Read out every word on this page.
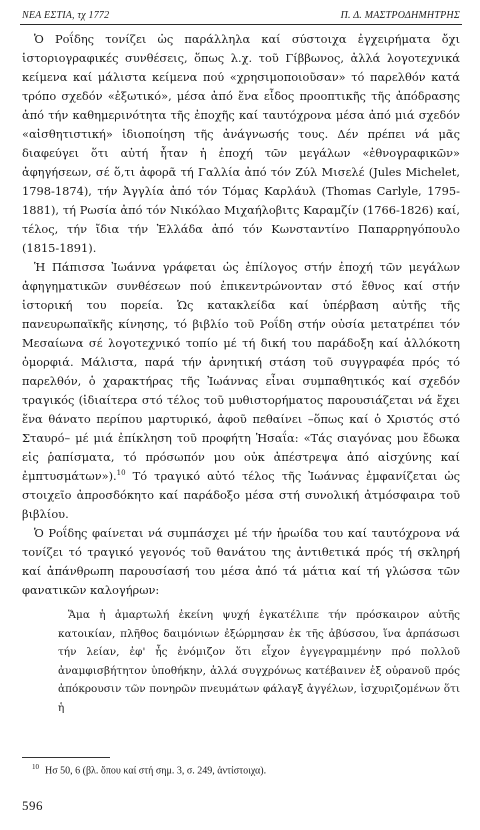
ΝΕΑ ΕΣΤΙΑ, τχ 1772	Π. Δ. ΜΑΣΤΡΟΔΗΜΗΤΡΗΣ

Ὁ Ροΐδης τονίζει ὡς παράλληλα καί σύστοιχα ἐγχειρήματα ὄχι ἱστοριογραφικές συνθέσεις, ὅπως λ.χ. τοῦ Γίββωνος, ἀλλά λογοτεχνικά κείμενα καί μάλιστα κείμενα πού «χρησιμοποιοῦσαν» τό παρελθόν κατά τρόπο σχεδόν «ἐξωτικό», μέσα ἀπό ἕνα εἶδος προοπτικῆς τῆς ἀπόδρασης ἀπό τήν καθημερινότητα τῆς ἐποχῆς καί ταυτόχρονα μέσα ἀπό μιά σχεδόν «αἰσθητιστική» ἰδιοποίηση τῆς ἀνάγνωσής τους. Δέν πρέπει νά μᾶς διαφεύγει ὅτι αὐτή ἦταν ἡ ἐποχή τῶν μεγάλων «ἐθνογραφικῶν» ἀφηγήσεων, σέ ὅ,τι ἀφορᾶ τή Γαλλία ἀπό τόν Ζύλ Μισελέ (Jules Michelet, 1798-1874), τήν Ἀγγλία ἀπό τόν Τόμας Καρλάυλ (Thomas Carlyle, 1795-1881), τή Ρωσία ἀπό τόν Νικόλαο Μιχαήλοβιτς Καραμζίν (1766-1826) καί, τέλος, τήν ἴδια τήν Ἑλλάδα ἀπό τόν Κωνσταντίνο Παπαρρηγόπουλο (1815-1891).

Ἡ Πάπισσα Ἰωάννα γράφεται ὡς ἐπίλογος στήν ἐποχή τῶν μεγάλων ἀφηγηματικῶν συνθέσεων πού ἐπικεντρώνονταν στό ἔθνος καί στήν ἱστορική του πορεία. Ὡς κατακλείδα καί ὑπέρβαση αὐτῆς τῆς πανευρωπαϊκῆς κίνησης, τό βιβλίο τοῦ Ροΐδη στήν οὐσία μετατρέπει τόν Μεσαίωνα σέ λογοτεχνικό τοπίο μέ τή δική του παράδοξη καί ἀλλόκοτη ὀμορφιά. Μάλιστα, παρά τήν ἀρνητική στάση τοῦ συγγραφέα πρός τό παρελθόν, ὁ χαρακτήρας τῆς Ἰωάννας εἶναι συμπαθητικός καί σχεδόν τραγικός (ἰδιαίτερα στό τέλος τοῦ μυθιστορήματος παρουσιάζεται νά ἔχει ἕνα θάνατο περίπου μαρτυρικό, ἀφοῦ πεθαίνει –ὅπως καί ὁ Χριστός στό Σταυρό– μέ μιά ἐπίκληση τοῦ προφήτη Ἡσαΐα: «Τάς σιαγόνας μου ἔδωκα εἰς ῥαπίσματα, τό πρόσωπόν μου οὐκ ἀπέστρεψα ἀπό αἰσχύνης καί ἐμπτυσμάτων»).$^{10}$ Τό τραγικό αὐτό τέλος τῆς Ἰωάννας ἐμφανίζεται ὡς στοιχεῖο ἀπροσδόκητο καί παράδοξο μέσα στή συνολική ἀτμόσφαιρα τοῦ βιβλίου.

Ὁ Ροΐδης φαίνεται νά συμπάσχει μέ τήν ἡρωίδα του καί ταυτόχρονα νά τονίζει τό τραγικό γεγονός τοῦ θανάτου της ἀντιθετικά πρός τή σκληρή καί ἀπάνθρωπη παρουσίασή του μέσα ἀπό τά μάτια καί τή γλώσσα τῶν φανατικῶν καλογήρων:

Ἅμα ἡ ἁμαρτωλή ἐκείνη ψυχή ἐγκατέλιπε τήν πρόσκαιρον αὐτῆς κατοικίαν, πλῆθος δαιμόνιων ἐξώρμησαν ἐκ τῆς ἀβύσσου, ἵνα ἁρπάσωσι τήν λείαν, ἐφ' ἧς ἐνόμιζον ὅτι εἶχον ἐγγεγραμμένην πρό πολλοῦ ἀναμφισβήτητον ὑποθήκην, ἀλλά συγχρόνως κατέβαινεν ἐξ οὐρανοῦ πρός ἀπόκρουσιν τῶν πονηρῶν πνευμάτων φάλαγξ ἀγγέλων, ἰσχυριζομένων ὅτι ἡ

$^{10}$ Ησ 50, 6 (βλ. ὅπου καί στή σημ. 3, σ. 249, ἀντίστοιχα).
596
